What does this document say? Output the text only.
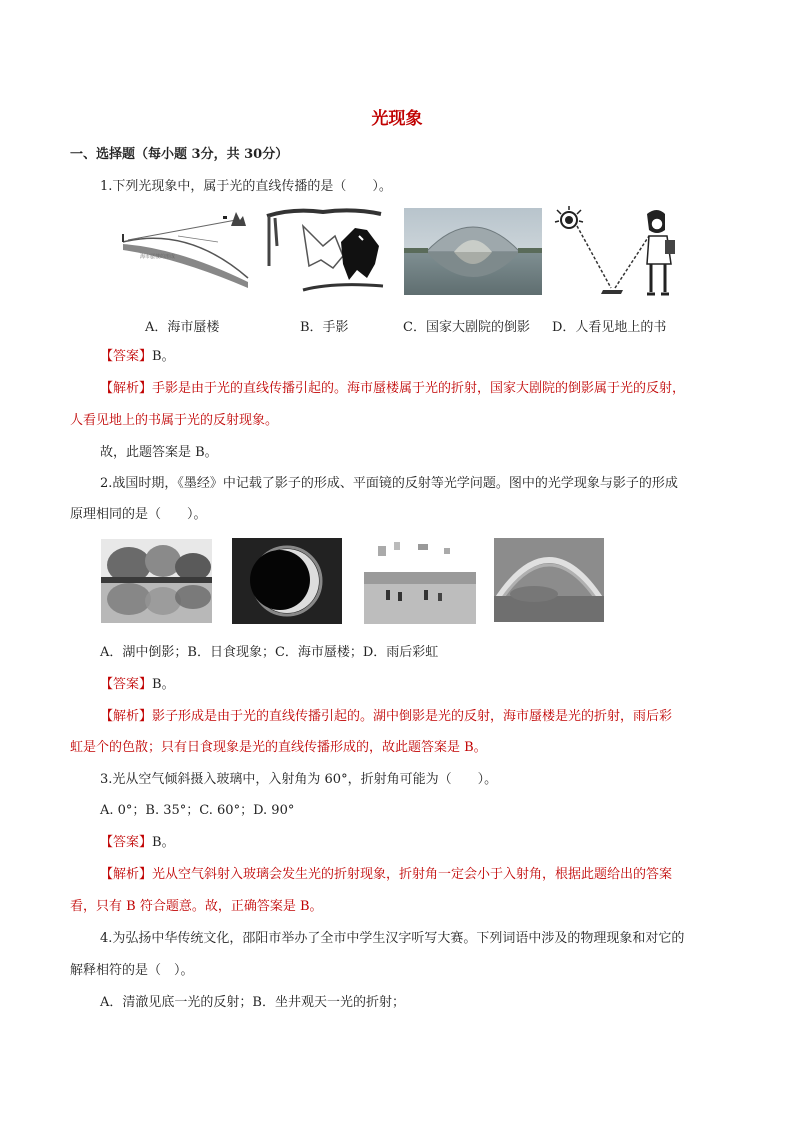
光现象
一、选择题（每小题 3分，共 30分）
1.下列光现象中，属于光的直线传播的是（　　）。
海市蜃楼的形成
A．海市蜃楼	B．手影	C．国家大剧院的倒影 D．人看见地上的书
【答案】B。
【解析】手影是由于光的直线传播引起的。海市蜃楼属于光的折射，国家大剧院的倒影属于光的反射，
人看见地上的书属于光的反射现象。
故，此题答案是 B。
2.战国时期，《墨经》中记载了影子的形成、平面镜的反射等光学问题。图中的光学现象与影子的形成
原理相同的是（　　）。
A．湖中倒影；B．日食现象；C．海市蜃楼；D．雨后彩虹
【答案】B。
【解析】影子形成是由于光的直线传播引起的。湖中倒影是光的反射，海市蜃楼是光的折射，雨后彩
虹是个的色散；只有日食现象是光的直线传播形成的，故此题答案是 B。
3.光从空气倾斜摄入玻璃中，入射角为 60°，折射角可能为（　　）。
A. 0°；B. 35°；C. 60°；D. 90°
【答案】B。
【解析】光从空气斜射入玻璃会发生光的折射现象，折射角一定会小于入射角，根据此题给出的答案
看，只有 B 符合题意。故，正确答案是 B。
4.为弘扬中华传统文化，邵阳市举办了全市中学生汉字听写大赛。下列词语中涉及的物理现象和对它的
解释相符的是（　）。
A．清澈见底一光的反射；B．坐井观天一光的折射；
